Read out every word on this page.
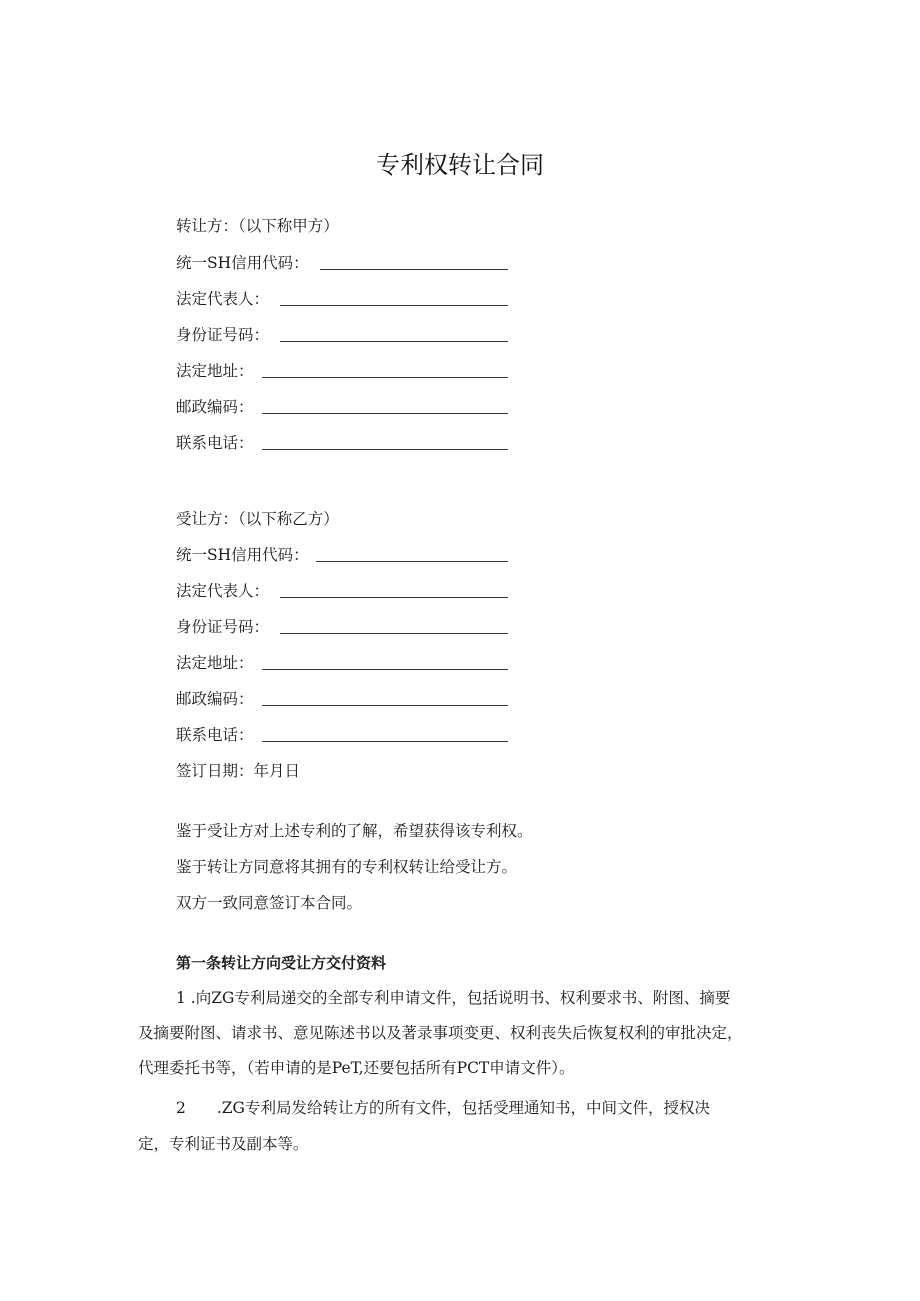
专利权转让合同
转让方：（以下称甲方）
统一SH信用代码：
法定代表人：
身份证号码：
法定地址：
邮政编码：
联系电话：
受让方：（以下称乙方）
统一SH信用代码：
法定代表人：
身份证号码：
法定地址：
邮政编码：
联系电话：
签订日期：年月日
鉴于受让方对上述专利的了解，希望获得该专利权。
鉴于转让方同意将其拥有的专利权转让给受让方。
双方一致同意签订本合同。
第一条转让方向受让方交付资料
1 .向ZG专利局递交的全部专利申请文件，包括说明书、权利要求书、附图、摘要
及摘要附图、请求书、意见陈述书以及著录事项变更、权利丧失后恢复权利的审批决定，
代理委托书等，（若申请的是PeT,还要包括所有PCT申请文件）。
2　　.ZG专利局发给转让方的所有文件，包括受理通知书，中间文件，授权决
定，专利证书及副本等。
